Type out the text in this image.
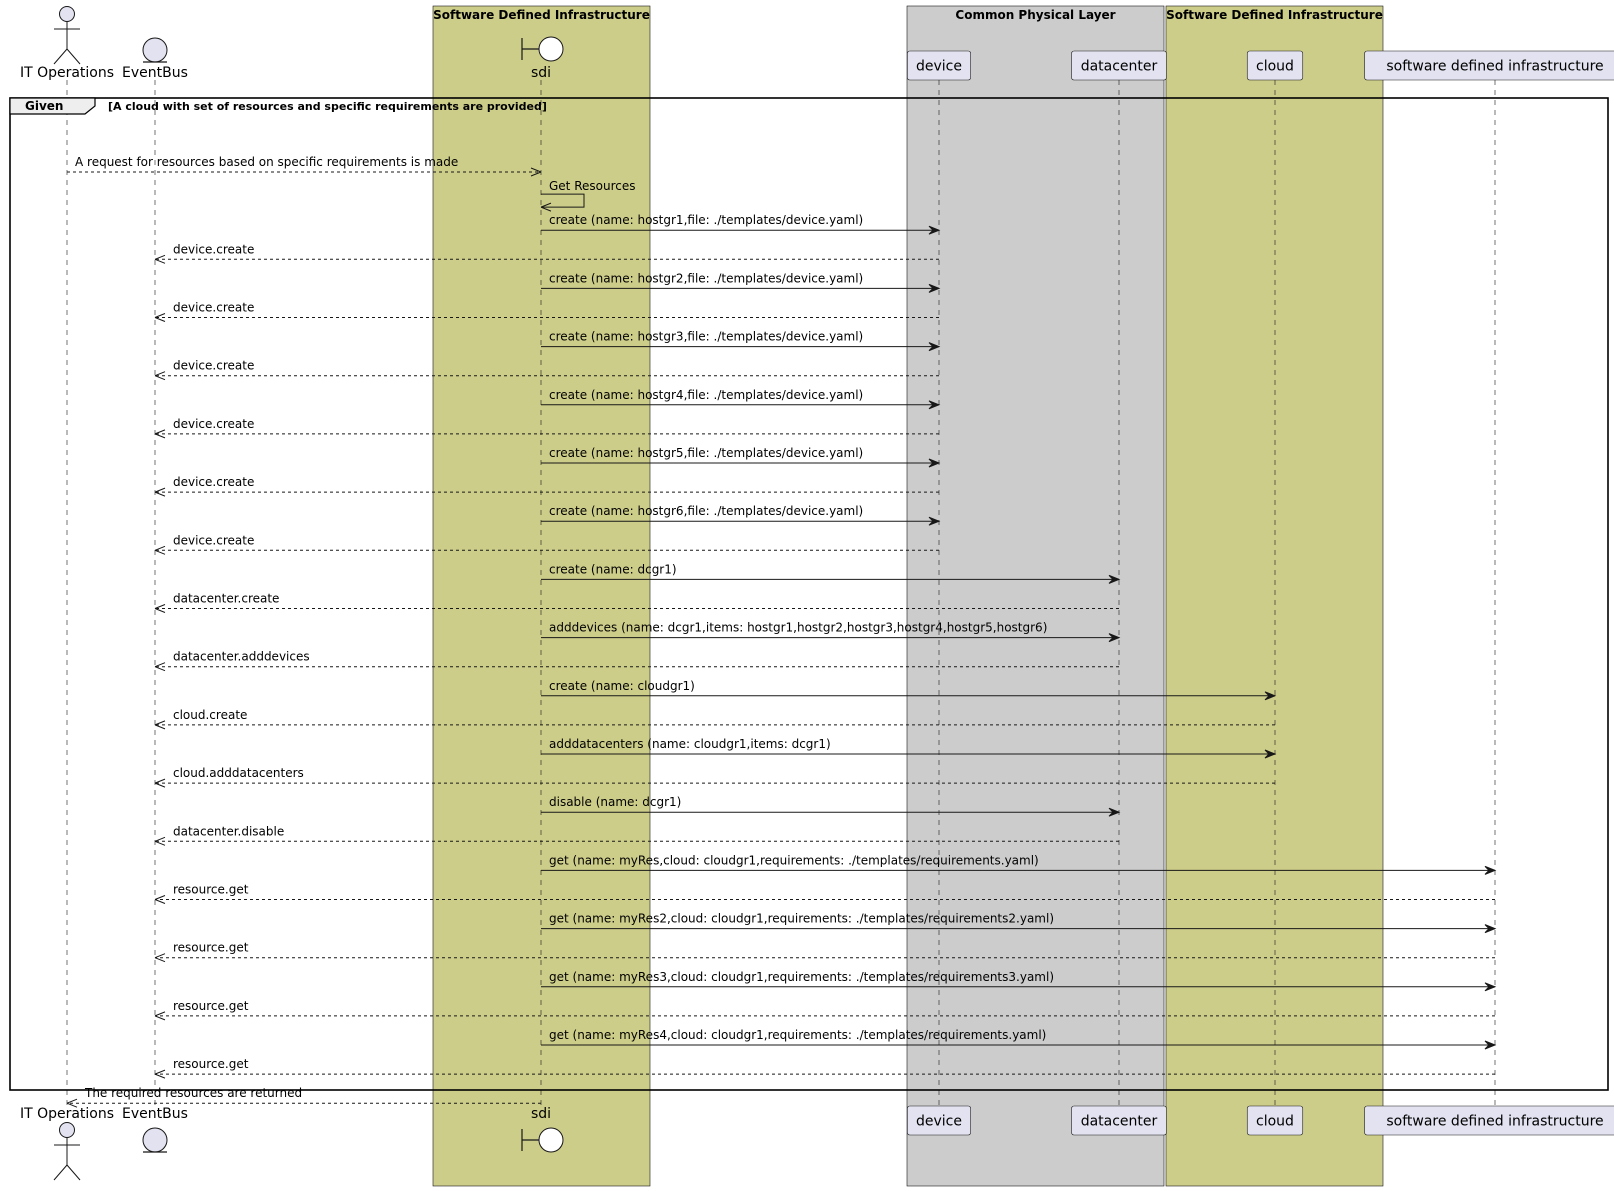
Software Defined Infrastructure	Common Physical Layer	Software Defined Infrastructure
IT Operations
IT Operations
EventBus
EventBus
sdi
sdi
device
device
datacenter
datacenter
cloud
cloud
software defined infrastructure
software defined infrastructure
Given	[A cloud with set of resources and specific requirements are provided]
A request for resources based on specific requirements is made
Get Resources
create (name: hostgr1,file: ./templates/device.yaml)
device.create
create (name: hostgr2,file: ./templates/device.yaml)
device.create
create (name: hostgr3,file: ./templates/device.yaml)
device.create
create (name: hostgr4,file: ./templates/device.yaml)
device.create
create (name: hostgr5,file: ./templates/device.yaml)
device.create
create (name: hostgr6,file: ./templates/device.yaml)
device.create
create (name: dcgr1)
datacenter.create
adddevices (name: dcgr1,items: hostgr1,hostgr2,hostgr3,hostgr4,hostgr5,hostgr6)
datacenter.adddevices
create (name: cloudgr1)
cloud.create
adddatacenters (name: cloudgr1,items: dcgr1)
cloud.adddatacenters
disable (name: dcgr1)
datacenter.disable
get (name: myRes,cloud: cloudgr1,requirements: ./templates/requirements.yaml)
resource.get
get (name: myRes2,cloud: cloudgr1,requirements: ./templates/requirements2.yaml)
resource.get
get (name: myRes3,cloud: cloudgr1,requirements: ./templates/requirements3.yaml)
resource.get
get (name: myRes4,cloud: cloudgr1,requirements: ./templates/requirements.yaml)
resource.get
The required resources are returned
